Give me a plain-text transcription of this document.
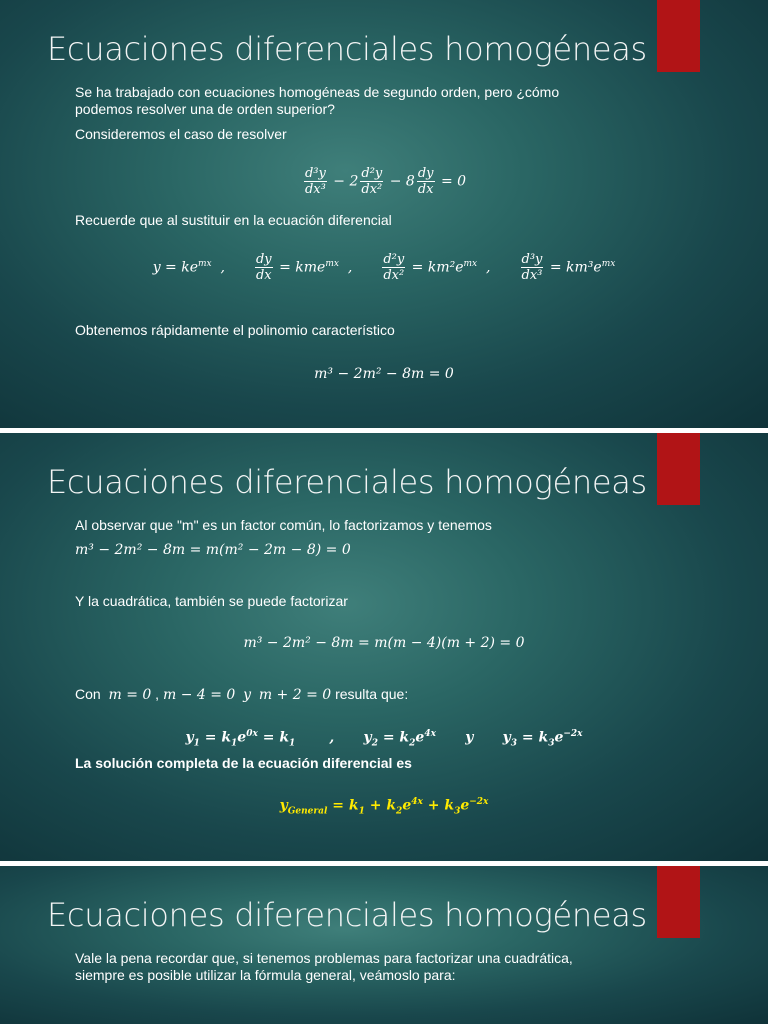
Ecuaciones diferenciales homogéneas
Se ha trabajado con ecuaciones homogéneas de segundo orden, pero ¿cómo
podemos resolver una de orden superior?
Consideremos el caso de resolver
$\frac{\text{d³y}}{\text{dx³}} - 2 \frac{\text{d²y}}{\text{dx²}} - 8 \frac{dy}{dx} = 0$
Recuerde que al sustituir en la ecuación diferencial
$y = ke^{mx}$  , $\frac{dy}{dx} = kme^{mx}$  , $\frac{\text{d²y}}{\text{dx²}} = km^2e^{mx}$  , $\frac{\text{d³y}}{\text{dx³}} = km^3e^{mx}$
Obtenemos rápidamente el polinomio característico
m³ − 2m² − 8m = 0
Ecuaciones diferenciales homogéneas
Al observar que "m" es un factor común, lo factorizamos y tenemos
m³ − 2m² − 8m = m(m² − 2m − 8) = 0
Y la cuadrática, también se puede factorizar
m³ − 2m² − 8m = m(m − 4)(m + 2) = 0
Con m = 0 , m − 4 = 0 y m + 2 = 0 resulta que:
$y_1 = k_1e^{0x} = k_1$       ,      $y_2 = k_2e^{4x}$      y      $y_3 = k_3e^{-2x}$
La solución completa de la ecuación diferencial es
$y_{General} = k_1 + k_2e^{4x} + k_3e^{-2x}$
Ecuaciones diferenciales homogéneas
Vale la pena recordar que, si tenemos problemas para factorizar una cuadrática,
siempre es posible utilizar la fórmula general, veámoslo para:
